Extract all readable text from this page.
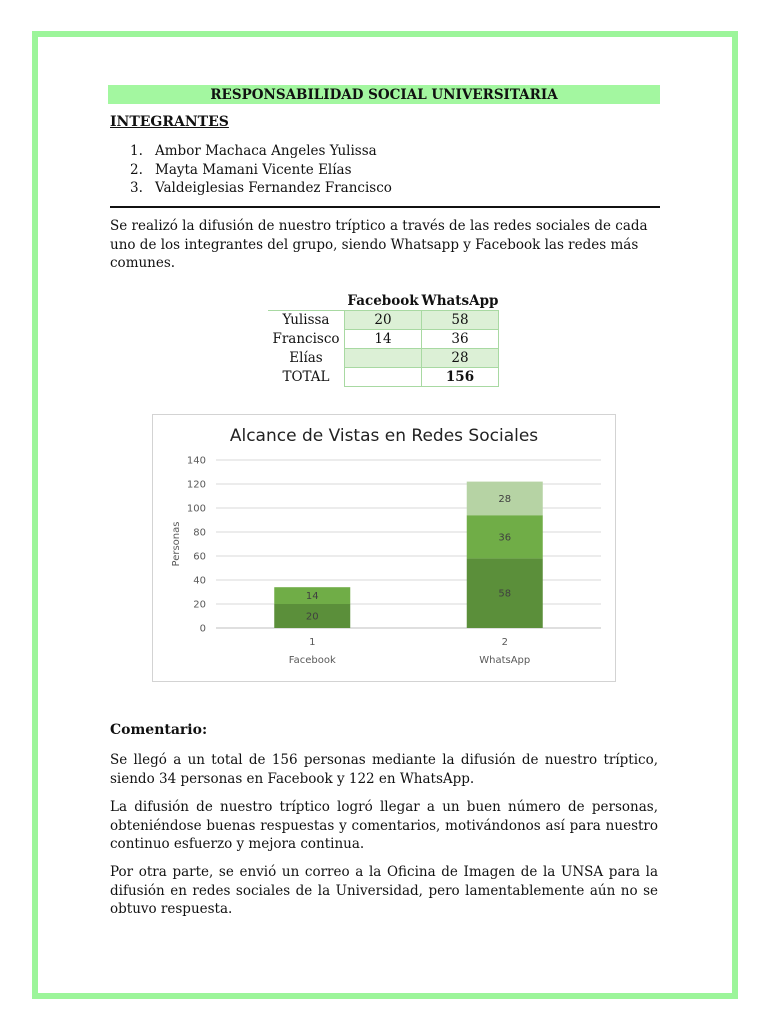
RESPONSABILIDAD SOCIAL UNIVERSITARIA
INTEGRANTES
1. Ambor Machaca Angeles Yulissa
2. Mayta Mamani Vicente Elías
3. Valdeiglesias Fernandez Francisco

Se realizó la difusión de nuestro tríptico a través de las redes sociales de cada uno de los integrantes del grupo, siendo Whatsapp y Facebook las redes más comunes.

	Facebook	WhatsApp
Yulissa	20	58
Francisco	14	36
Elías		28
TOTAL		156
Alcance de Vistas en Redes Sociales
0
20
40
60
80
100
120
140
Personas
20
14
1
Facebook
58
36
28
2
WhatsApp
Comentario:

Se llegó a un total de 156 personas mediante la difusión de nuestro tríptico, siendo 34 personas en Facebook y 122 en WhatsApp.

La difusión de nuestro tríptico logró llegar a un buen número de personas, obteniéndose buenas respuestas y comentarios, motivándonos así para nuestro continuo esfuerzo y mejora continua.

Por otra parte, se envió un correo a la Oficina de Imagen de la UNSA para la difusión en redes sociales de la Universidad, pero lamentablemente aún no se obtuvo respuesta.
